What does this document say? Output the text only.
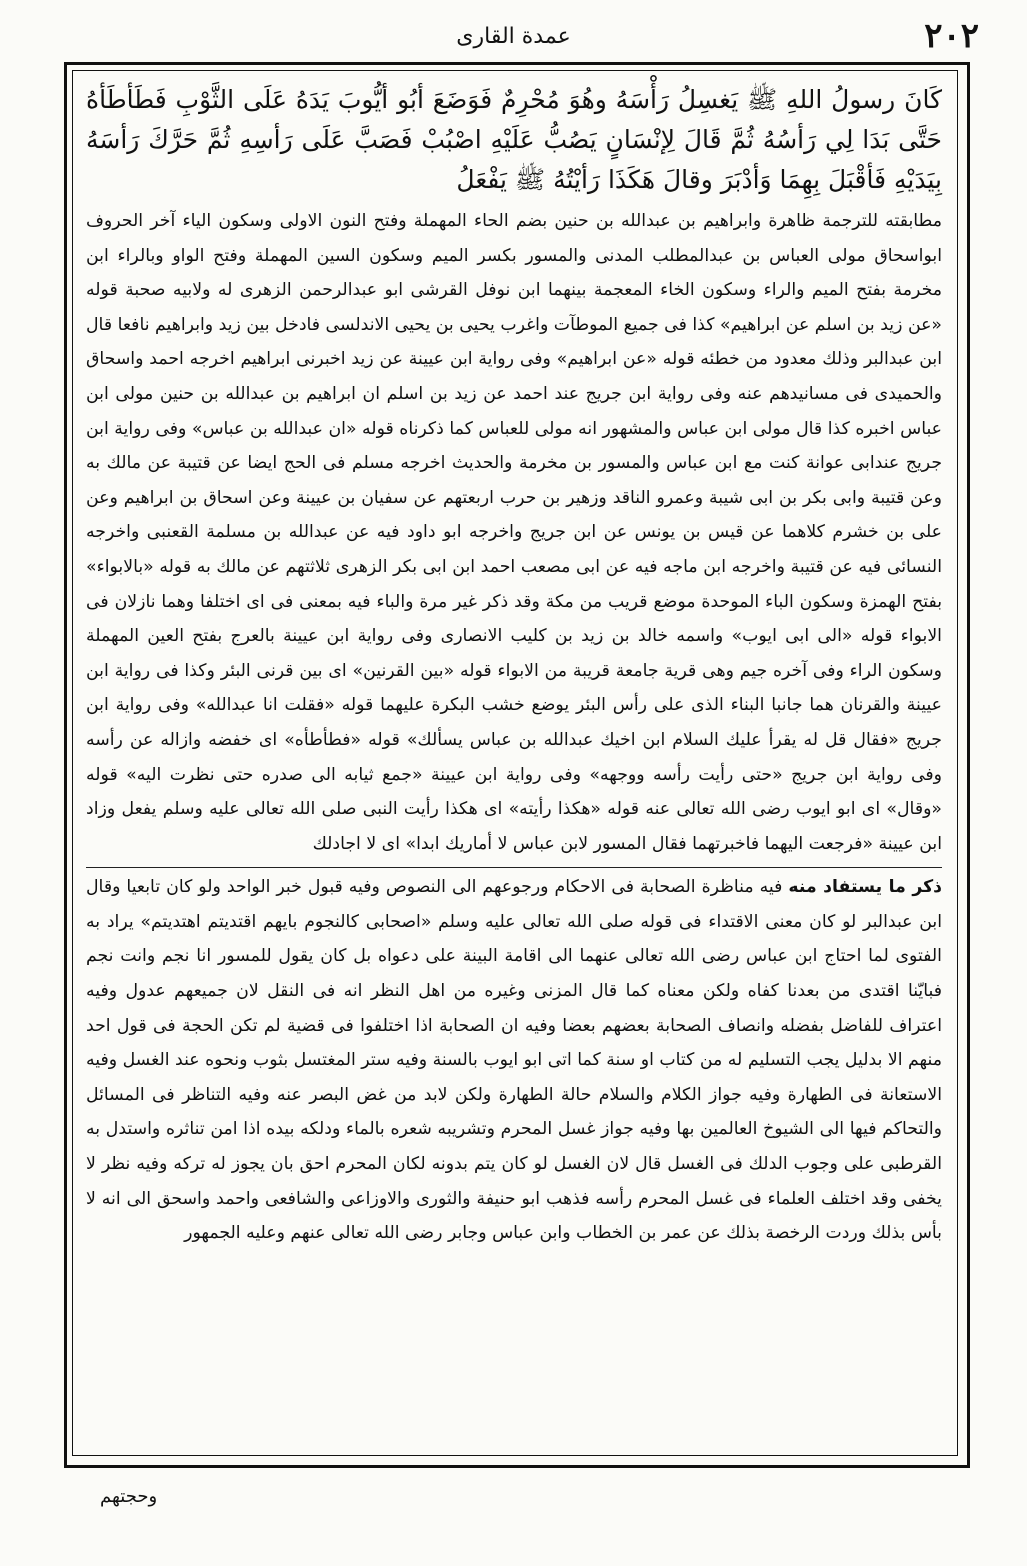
٢٠٢
عمدة القاری

كَانَ رسولُ اللهِ ﷺ يَغسِلُ رَأْسَهُ وهُوَ مُحْرِمٌ فَوَضَعَ أبُو أيُّوبَ يَدَهُ عَلَى الثَّوْبِ فَطَأطَأهُ حَتَّى بَدَا لِي رَأسُهُ ثُمَّ قَالَ لِإنْسَانٍ يَصُبُّ عَلَيْهِ اصْبُبْ فَصَبَّ عَلَى رَأسِهِ ثُمَّ حَرَّكَ رَأسَهُ بِيَدَيْهِ فَأقْبَلَ بِهِمَا وَأدْبَرَ وقالَ هَكَذَا رَأيْتُهُ ﷺ يَفْعَلُ

مطابقته للترجمة ظاهرة وابراهيم بن عبدالله بن حنين بضم الحاء المهملة وفتح النون الاولى وسكون الياء آخر الحروف ابواسحاق مولى العباس بن عبدالمطلب المدنی والمسور بكسر الميم وسكون السين المهملة وفتح الواو وبالراء ابن مخرمة بفتح الميم والراء وسكون الخاء المعجمة بينهما ابن نوفل القرشی ابو عبدالرحمن الزهری له ولابيه صحبة قوله «عن زيد بن اسلم عن ابراهيم» كذا فی جميع الموطآت واغرب يحيی بن يحيی الاندلسی فادخل بين زيد وابراهيم نافعا قال ابن عبدالبر وذلك معدود من خطئه قوله «عن ابراهيم» وفی رواية ابن عيينة عن زيد اخبرنی ابراهيم اخرجه احمد واسحاق والحميدی فی مسانيدهم عنه وفی رواية ابن جريج عند احمد عن زيد بن اسلم ان ابراهيم بن عبدالله بن حنين مولی ابن عباس اخبره كذا قال مولی ابن عباس والمشهور انه مولی للعباس كما ذكرناه قوله «ان عبدالله بن عباس» وفی رواية ابن جريج عندابی عوانة كنت مع ابن عباس والمسور بن مخرمة والحديث اخرجه مسلم فی الحج ايضا عن قتيبة عن مالك به وعن قتيبة وابی بكر بن ابی شيبة وعمرو الناقد وزهير بن حرب اربعتهم عن سفيان بن عيينة وعن اسحاق بن ابراهيم وعن علی بن خشرم كلاهما عن قيس بن يونس عن ابن جريج واخرجه ابو داود فيه عن عبدالله بن مسلمة القعنبی واخرجه النسائی فيه عن قتيبة واخرجه ابن ماجه فيه عن ابی مصعب احمد ابن ابی بكر الزهری ثلاثتهم عن مالك به قوله «بالابواء» بفتح الهمزة وسكون الباء الموحدة موضع قريب من مكة وقد ذكر غير مرة والباء فيه بمعنی فی ای اختلفا وهما نازلان فی الابواء قوله «الی ابی ايوب» واسمه خالد بن زيد بن كليب الانصاری وفی رواية ابن عيينة بالعرج بفتح العين المهملة وسكون الراء وفی آخره جيم وهی قرية جامعة قريبة من الابواء قوله «بين القرنين» ای بين قرنی البئر وكذا فی رواية ابن عيينة والقرنان هما جانبا البناء الذی علی رأس البئر يوضع خشب البكرة عليهما قوله «فقلت انا عبدالله» وفی رواية ابن جريج «فقال قل له يقرأ عليك السلام ابن اخيك عبدالله بن عباس يسألك» قوله «فطأطأه» ای خفضه وازاله عن رأسه وفی رواية ابن جريج «حتی رأيت رأسه ووجهه» وفی رواية ابن عيينة «جمع ثيابه الی صدره حتی نظرت اليه» قوله «وقال» ای ابو ايوب رضی الله تعالی عنه قوله «هكذا رأيته» ای هكذا رأيت النبی صلی الله تعالی عليه وسلم يفعل وزاد ابن عيينة «فرجعت اليهما فاخبرتهما فقال المسور لابن عباس لا أماريك ابدا» ای لا اجادلك

ذكر ما يستفاد منه فيه مناظرة الصحابة فی الاحكام ورجوعهم الی النصوص وفيه قبول خبر الواحد ولو كان تابعيا وقال ابن عبدالبر لو كان معنی الاقتداء فی قوله صلی الله تعالی عليه وسلم «اصحابی كالنجوم بايهم اقتديتم اهتديتم» يراد به الفتوی لما احتاج ابن عباس رضی الله تعالی عنهما الی اقامة البينة علی دعواه بل كان يقول للمسور انا نجم وانت نجم فبايّنا اقتدی من بعدنا كفاه ولكن معناه كما قال المزنی وغيره من اهل النظر انه فی النقل لان جميعهم عدول وفيه اعتراف للفاضل بفضله وانصاف الصحابة بعضهم بعضا وفيه ان الصحابة اذا اختلفوا فی قضية لم تكن الحجة فی قول احد منهم الا بدليل يجب التسليم له من كتاب او سنة كما اتی ابو ايوب بالسنة وفيه ستر المغتسل بثوب ونحوه عند الغسل وفيه الاستعانة فی الطهارة وفيه جواز الكلام والسلام حالة الطهارة ولكن لابد من غض البصر عنه وفيه التناظر فی المسائل والتحاكم فيها الی الشيوخ العالمين بها وفيه جواز غسل المحرم وتشريبه شعره بالماء ودلكه بيده اذا امن تناثره واستدل به القرطبی علی وجوب الدلك فی الغسل قال لان الغسل لو كان يتم بدونه لكان المحرم احق بان يجوز له تركه وفيه نظر لا يخفی وقد اختلف العلماء فی غسل المحرم رأسه فذهب ابو حنيفة والثوری والاوزاعی والشافعی واحمد واسحق الی انه لا بأس بذلك وردت الرخصة بذلك عن عمر بن الخطاب وابن عباس وجابر رضی الله تعالی عنهم وعليه الجمهور

وحجتهم
